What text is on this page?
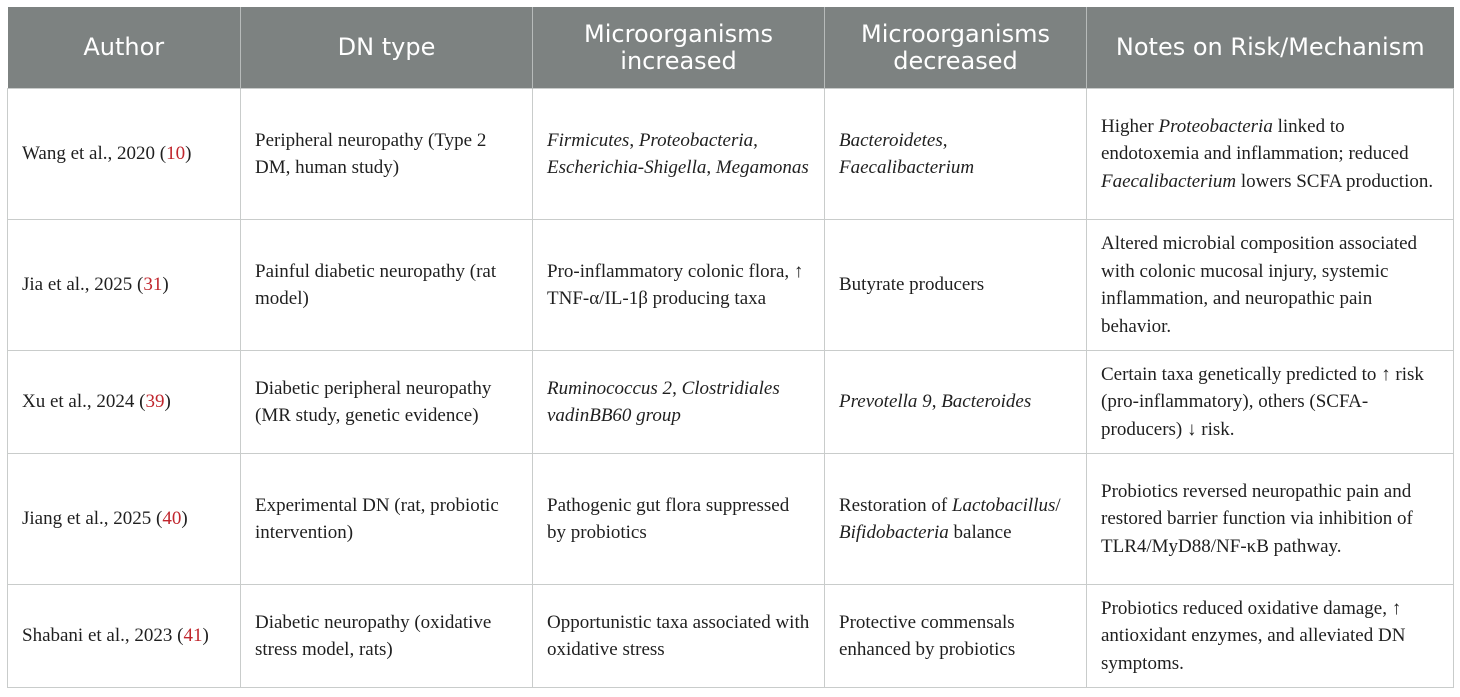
Author	DN type	Microorganisms increased	Microorganisms decreased	Notes on Risk/Mechanism
Wang et al., 2020 (10)	Peripheral neuropathy (Type 2 DM, human study)	Firmicutes, Proteobacteria, Escherichia-Shigella, Megamonas	Bacteroidetes, Faecalibacterium	Higher Proteobacteria linked to endotoxemia and inflammation; reduced Faecalibacterium lowers SCFA production.
Jia et al., 2025 (31)	Painful diabetic neuropathy (rat model)	Pro-inflammatory colonic flora, ↑ TNF-α/IL-1β producing taxa	Butyrate producers	Altered microbial composition associated with colonic mucosal injury, systemic inflammation, and neuropathic pain behavior.
Xu et al., 2024 (39)	Diabetic peripheral neuropathy (MR study, genetic evidence)	Ruminococcus 2, Clostridiales vadinBB60 group	Prevotella 9, Bacteroides	Certain taxa genetically predicted to ↑ risk (pro-inflammatory), others (SCFA-producers) ↓ risk.
Jiang et al., 2025 (40)	Experimental DN (rat, probiotic intervention)	Pathogenic gut flora suppressed by probiotics	Restoration of Lactobacillus/ Bifidobacteria balance	Probiotics reversed neuropathic pain and restored barrier function via inhibition of TLR4/MyD88/NF-κB pathway.
Shabani et al., 2023 (41)	Diabetic neuropathy (oxidative stress model, rats)	Opportunistic taxa associated with oxidative stress	Protective commensals enhanced by probiotics	Probiotics reduced oxidative damage, ↑ antioxidant enzymes, and alleviated DN symptoms.
